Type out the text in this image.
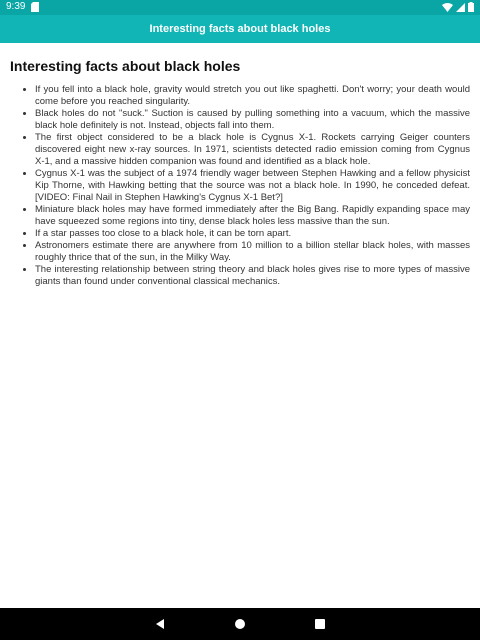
9:39
Interesting facts about black holes
Interesting facts about black holes
• If you fell into a black hole, gravity would stretch you out like spaghetti. Don't worry; your death would come before you reached singularity.
• Black holes do not "suck." Suction is caused by pulling something into a vacuum, which the massive black hole definitely is not. Instead, objects fall into them.
• The first object considered to be a black hole is Cygnus X-1. Rockets carrying Geiger counters discovered eight new x-ray sources. In 1971, scientists detected radio emission coming from Cygnus X-1, and a massive hidden companion was found and identified as a black hole.
• Cygnus X-1 was the subject of a 1974 friendly wager between Stephen Hawking and a fellow physicist Kip Thorne, with Hawking betting that the source was not a black hole. In 1990, he conceded defeat. [VIDEO: Final Nail in Stephen Hawking's Cygnus X-1 Bet?]
• Miniature black holes may have formed immediately after the Big Bang. Rapidly expanding space may have squeezed some regions into tiny, dense black holes less massive than the sun.
• If a star passes too close to a black hole, it can be torn apart.
• Astronomers estimate there are anywhere from 10 million to a billion stellar black holes, with masses roughly thrice that of the sun, in the Milky Way.
• The interesting relationship between string theory and black holes gives rise to more types of massive giants than found under conventional classical mechanics.
